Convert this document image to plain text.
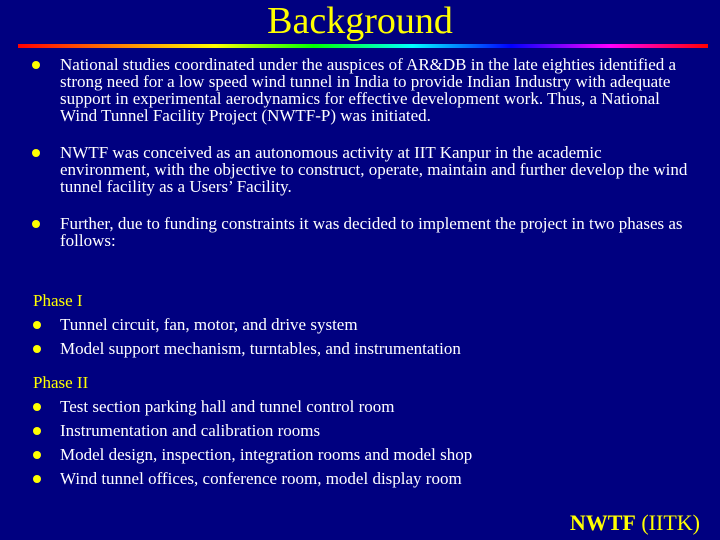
Background
National studies coordinated under the auspices of AR&DB in the late eighties identified a strong need for a low speed wind tunnel in India to provide Indian Industry with adequate support in experimental aerodynamics for effective development work. Thus, a National Wind Tunnel Facility Project (NWTF-P) was initiated.
NWTF was conceived as an autonomous activity at IIT Kanpur in the academic environment, with the objective to construct, operate, maintain and further develop the wind tunnel facility as a Users’ Facility.
Further, due to funding constraints it was decided to implement the project in two phases as follows:
Phase I
Tunnel circuit, fan, motor, and drive system
Model support mechanism, turntables, and instrumentation
Phase II
Test section parking hall and tunnel control room
Instrumentation and calibration rooms
Model design, inspection, integration rooms and model shop
Wind tunnel offices, conference room, model display room
NWTF (IITK)
